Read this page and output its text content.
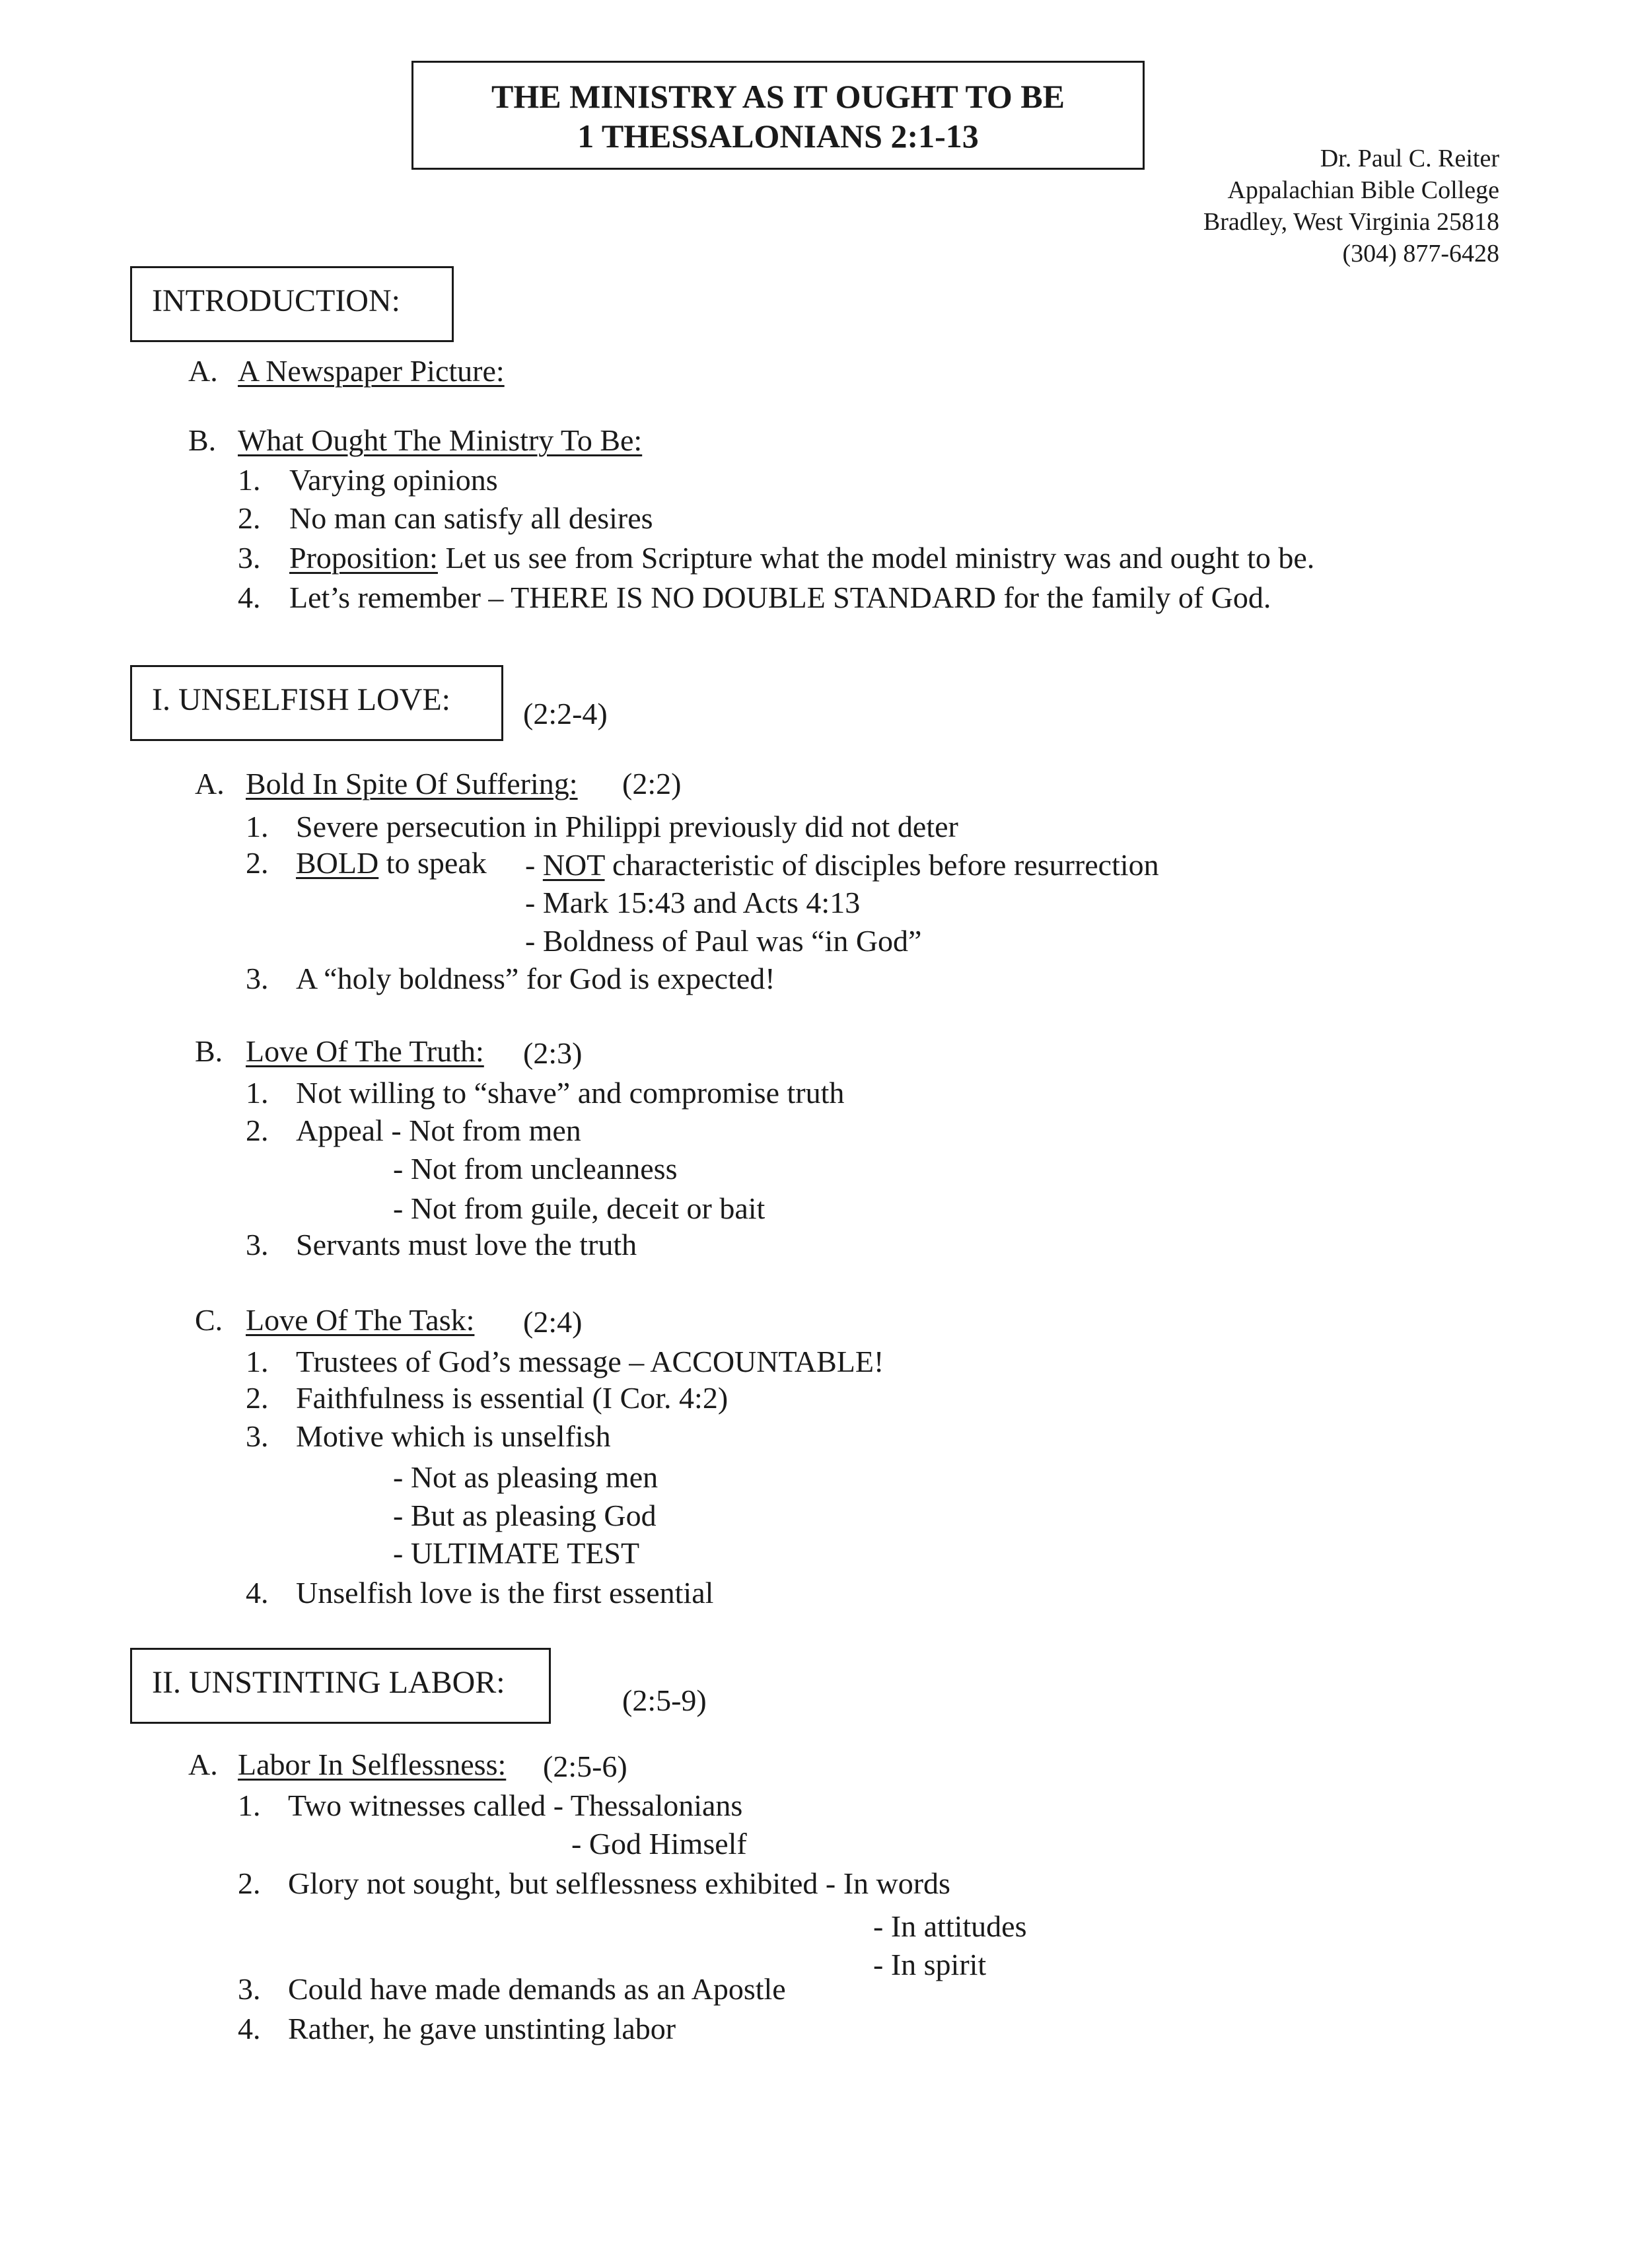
THE MINISTRY AS IT OUGHT TO BE
1 THESSALONIANS 2:1-13
Dr. Paul C. Reiter
Appalachian Bible College
Bradley, West Virginia 25818
(304) 877-6428
INTRODUCTION:
A. A Newspaper Picture:
B. What Ought The Ministry To Be:
1. Varying opinions
2. No man can satisfy all desires
3. Proposition: Let us see from Scripture what the model ministry was and ought to be.
4. Let’s remember – THERE IS NO DOUBLE STANDARD for the family of God.
I. UNSELFISH LOVE: (2:2-4)
A. Bold In Spite Of Suffering: (2:2)
1. Severe persecution in Philippi previously did not deter
2. BOLD to speak - NOT characteristic of disciples before resurrection
- Mark 15:43 and Acts 4:13
- Boldness of Paul was “in God”
3. A “holy boldness” for God is expected!
B. Love Of The Truth: (2:3)
1. Not willing to “shave” and compromise truth
2. Appeal - Not from men
- Not from uncleanness
- Not from guile, deceit or bait
3. Servants must love the truth
C. Love Of The Task: (2:4)
1. Trustees of God’s message – ACCOUNTABLE!
2. Faithfulness is essential (I Cor. 4:2)
3. Motive which is unselfish
- Not as pleasing men
- But as pleasing God
- ULTIMATE TEST
4. Unselfish love is the first essential
II. UNSTINTING LABOR:
(2:5-9)
A. Labor In Selflessness: (2:5-6)
1. Two witnesses called - Thessalonians
- God Himself
2. Glory not sought, but selflessness exhibited - In words
- In attitudes
- In spirit
3. Could have made demands as an Apostle
4. Rather, he gave unstinting labor
